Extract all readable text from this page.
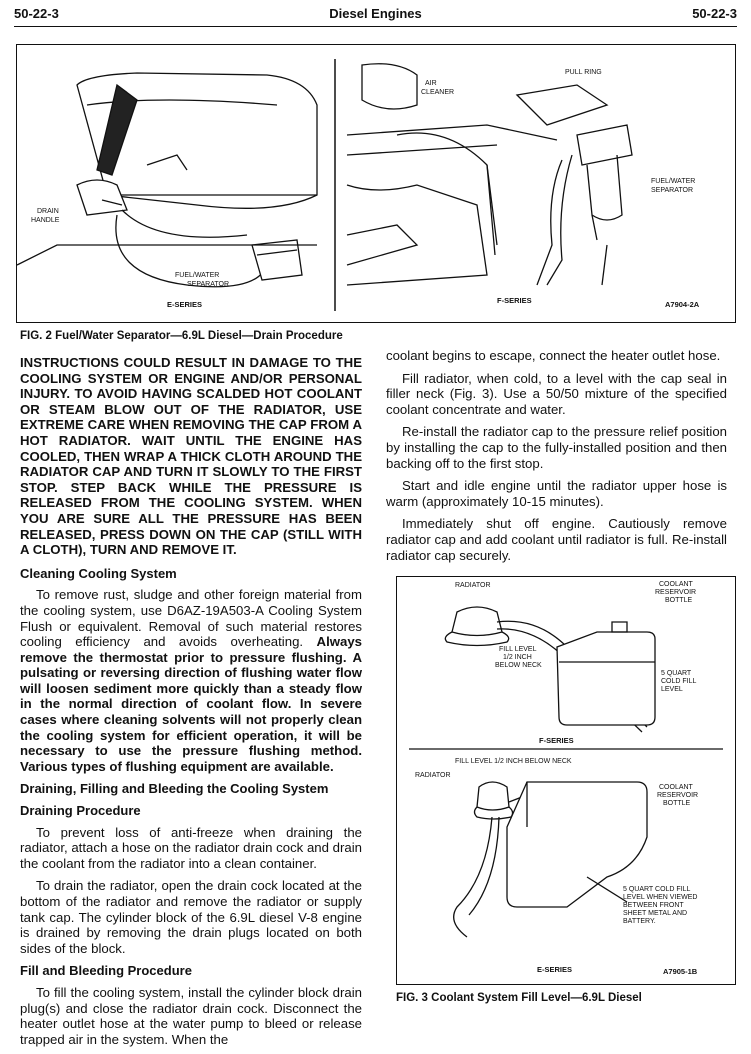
50-22-3	Diesel Engines	50-22-3
DRAIN
HANDLE
FUEL/WATER
SEPARATOR
E-SERIES
AIR
CLEANER
PULL RING
FUEL/WATER
SEPARATOR
F-SERIES	A7904-2A
FIG. 2 Fuel/Water Separator—6.9L Diesel—Drain Procedure
INSTRUCTIONS COULD RESULT IN DAMAGE TO THE COOLING SYSTEM OR ENGINE AND/OR PERSONAL INJURY. TO AVOID HAVING SCALDED HOT COOLANT OR STEAM BLOW OUT OF THE RADIATOR, USE EXTREME CARE WHEN REMOVING THE CAP FROM A HOT RADIATOR. WAIT UNTIL THE ENGINE HAS COOLED, THEN WRAP A THICK CLOTH AROUND THE RADIATOR CAP AND TURN IT SLOWLY TO THE FIRST STOP. STEP BACK WHILE THE PRESSURE IS RELEASED FROM THE COOLING SYSTEM. WHEN YOU ARE SURE ALL THE PRESSURE HAS BEEN RELEASED, PRESS DOWN ON THE CAP (STILL WITH A CLOTH), TURN AND REMOVE IT.
Cleaning Cooling System

To remove rust, sludge and other foreign material from the cooling system, use D6AZ-19A503-A Cooling System Flush or equivalent. Removal of such material restores cooling efficiency and avoids overheating. Always remove the thermostat prior to pressure flushing. A pulsating or reversing direction of flushing water flow will loosen sediment more quickly than a steady flow in the normal direction of coolant flow. In severe cases where cleaning solvents will not properly clean the cooling system for efficient operation, it will be necessary to use the pressure flushing method. Various types of flushing equipment are available.

Draining, Filling and Bleeding the Cooling System
Draining Procedure

To prevent loss of anti-freeze when draining the radiator, attach a hose on the radiator drain cock and drain the coolant from the radiator into a clean container.

To drain the radiator, open the drain cock located at the bottom of the radiator and remove the radiator or supply tank cap. The cylinder block of the 6.9L diesel V-8 engine is drained by removing the drain plugs located on both sides of the block.

Fill and Bleeding Procedure

To fill the cooling system, install the cylinder block drain plug(s) and close the radiator drain cock. Disconnect the heater outlet hose at the water pump to bleed or release trapped air in the system. When the

coolant begins to escape, connect the heater outlet hose.

Fill radiator, when cold, to a level with the cap seal in filler neck (Fig. 3). Use a 50/50 mixture of the specified coolant concentrate and water.

Re-install the radiator cap to the pressure relief position by installing the cap to the fully-installed position and then backing off to the first stop.

Start and idle engine until the radiator upper hose is warm (approximately 10-15 minutes).

Immediately shut off engine. Cautiously remove radiator cap and add coolant until radiator is full. Re-install radiator cap securely.

RADIATOR	COOLANT
RESERVOIR
BOTTLE
FILL LEVEL
1/2 INCH
BELOW NECK
5 QUART
COLD FILL
LEVEL
F-SERIES
FILL LEVEL 1/2 INCH BELOW NECK
RADIATOR
COOLANT
RESERVOIR
BOTTLE
5 QUART COLD FILL
LEVEL WHEN VIEWED
BETWEEN FRONT
SHEET METAL AND
BATTERY.
E-SERIES	A7905-1B
FIG. 3 Coolant System Fill Level—6.9L Diesel
